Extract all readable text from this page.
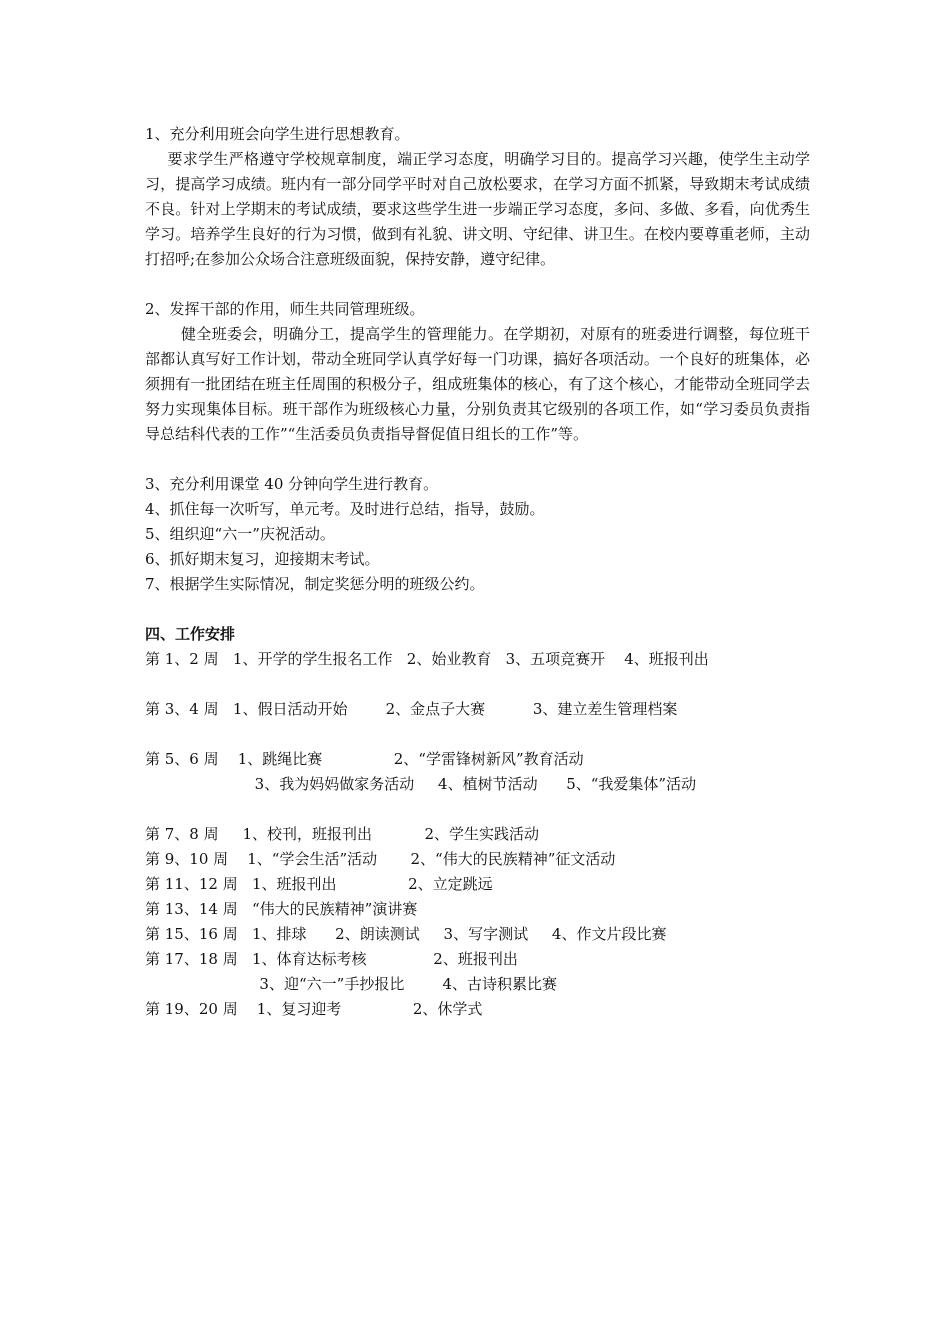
1、充分利用班会向学生进行思想教育。

要求学生严格遵守学校规章制度，端正学习态度，明确学习目的。提高学习兴趣，使学生主动学习，提高学习成绩。班内有一部分同学平时对自己放松要求，在学习方面不抓紧，导致期末考试成绩不良。针对上学期末的考试成绩，要求这些学生进一步端正学习态度，多问、多做、多看，向优秀生学习。培养学生良好的行为习惯，做到有礼貌、讲文明、守纪律、讲卫生。在校内要尊重老师，主动打招呼;在参加公众场合注意班级面貌，保持安静，遵守纪律。

2、发挥干部的作用，师生共同管理班级。

健全班委会，明确分工，提高学生的管理能力。在学期初，对原有的班委进行调整，每位班干部都认真写好工作计划，带动全班同学认真学好每一门功课，搞好各项活动。一个良好的班集体，必须拥有一批团结在班主任周围的积极分子，组成班集体的核心，有了这个核心，才能带动全班同学去努力实现集体目标。班干部作为班级核心力量，分别负责其它级别的各项工作，如“学习委员负责指导总结科代表的工作”“生活委员负责指导督促值日组长的工作”等。

3、充分利用课堂 40 分钟向学生进行教育。
4、抓住每一次听写，单元考。及时进行总结，指导，鼓励。
5、组织迎“六一”庆祝活动。
6、抓好期末复习，迎接期末考试。
7、根据学生实际情况，制定奖惩分明的班级公约。
四、工作安排
第 1、2 周   1、开学的学生报名工作   2、始业教育   3、五项竞赛开    4、班报刊出
第 3、4 周   1、假日活动开始        2、金点子大赛          3、建立差生管理档案
第 5、6 周    1、跳绳比赛               2、“学雷锋树新风”教育活动
3、我为妈妈做家务活动     4、植树节活动      5、“我爱集体”活动
第 7、8 周     1、校刊，班报刊出           2、学生实践活动
第 9、10 周    1、“学会生活”活动       2、“伟大的民族精神”征文活动
第 11、12 周   1、班报刊出               2、立定跳远
第 13、14 周   “伟大的民族精神”演讲赛
第 15、16 周   1、排球      2、朗读测试     3、写字测试     4、作文片段比赛
第 17、18 周   1、体育达标考核              2、班报刊出
3、迎“六一”手抄报比        4、古诗积累比赛
第 19、20 周    1、复习迎考               2、休学式
